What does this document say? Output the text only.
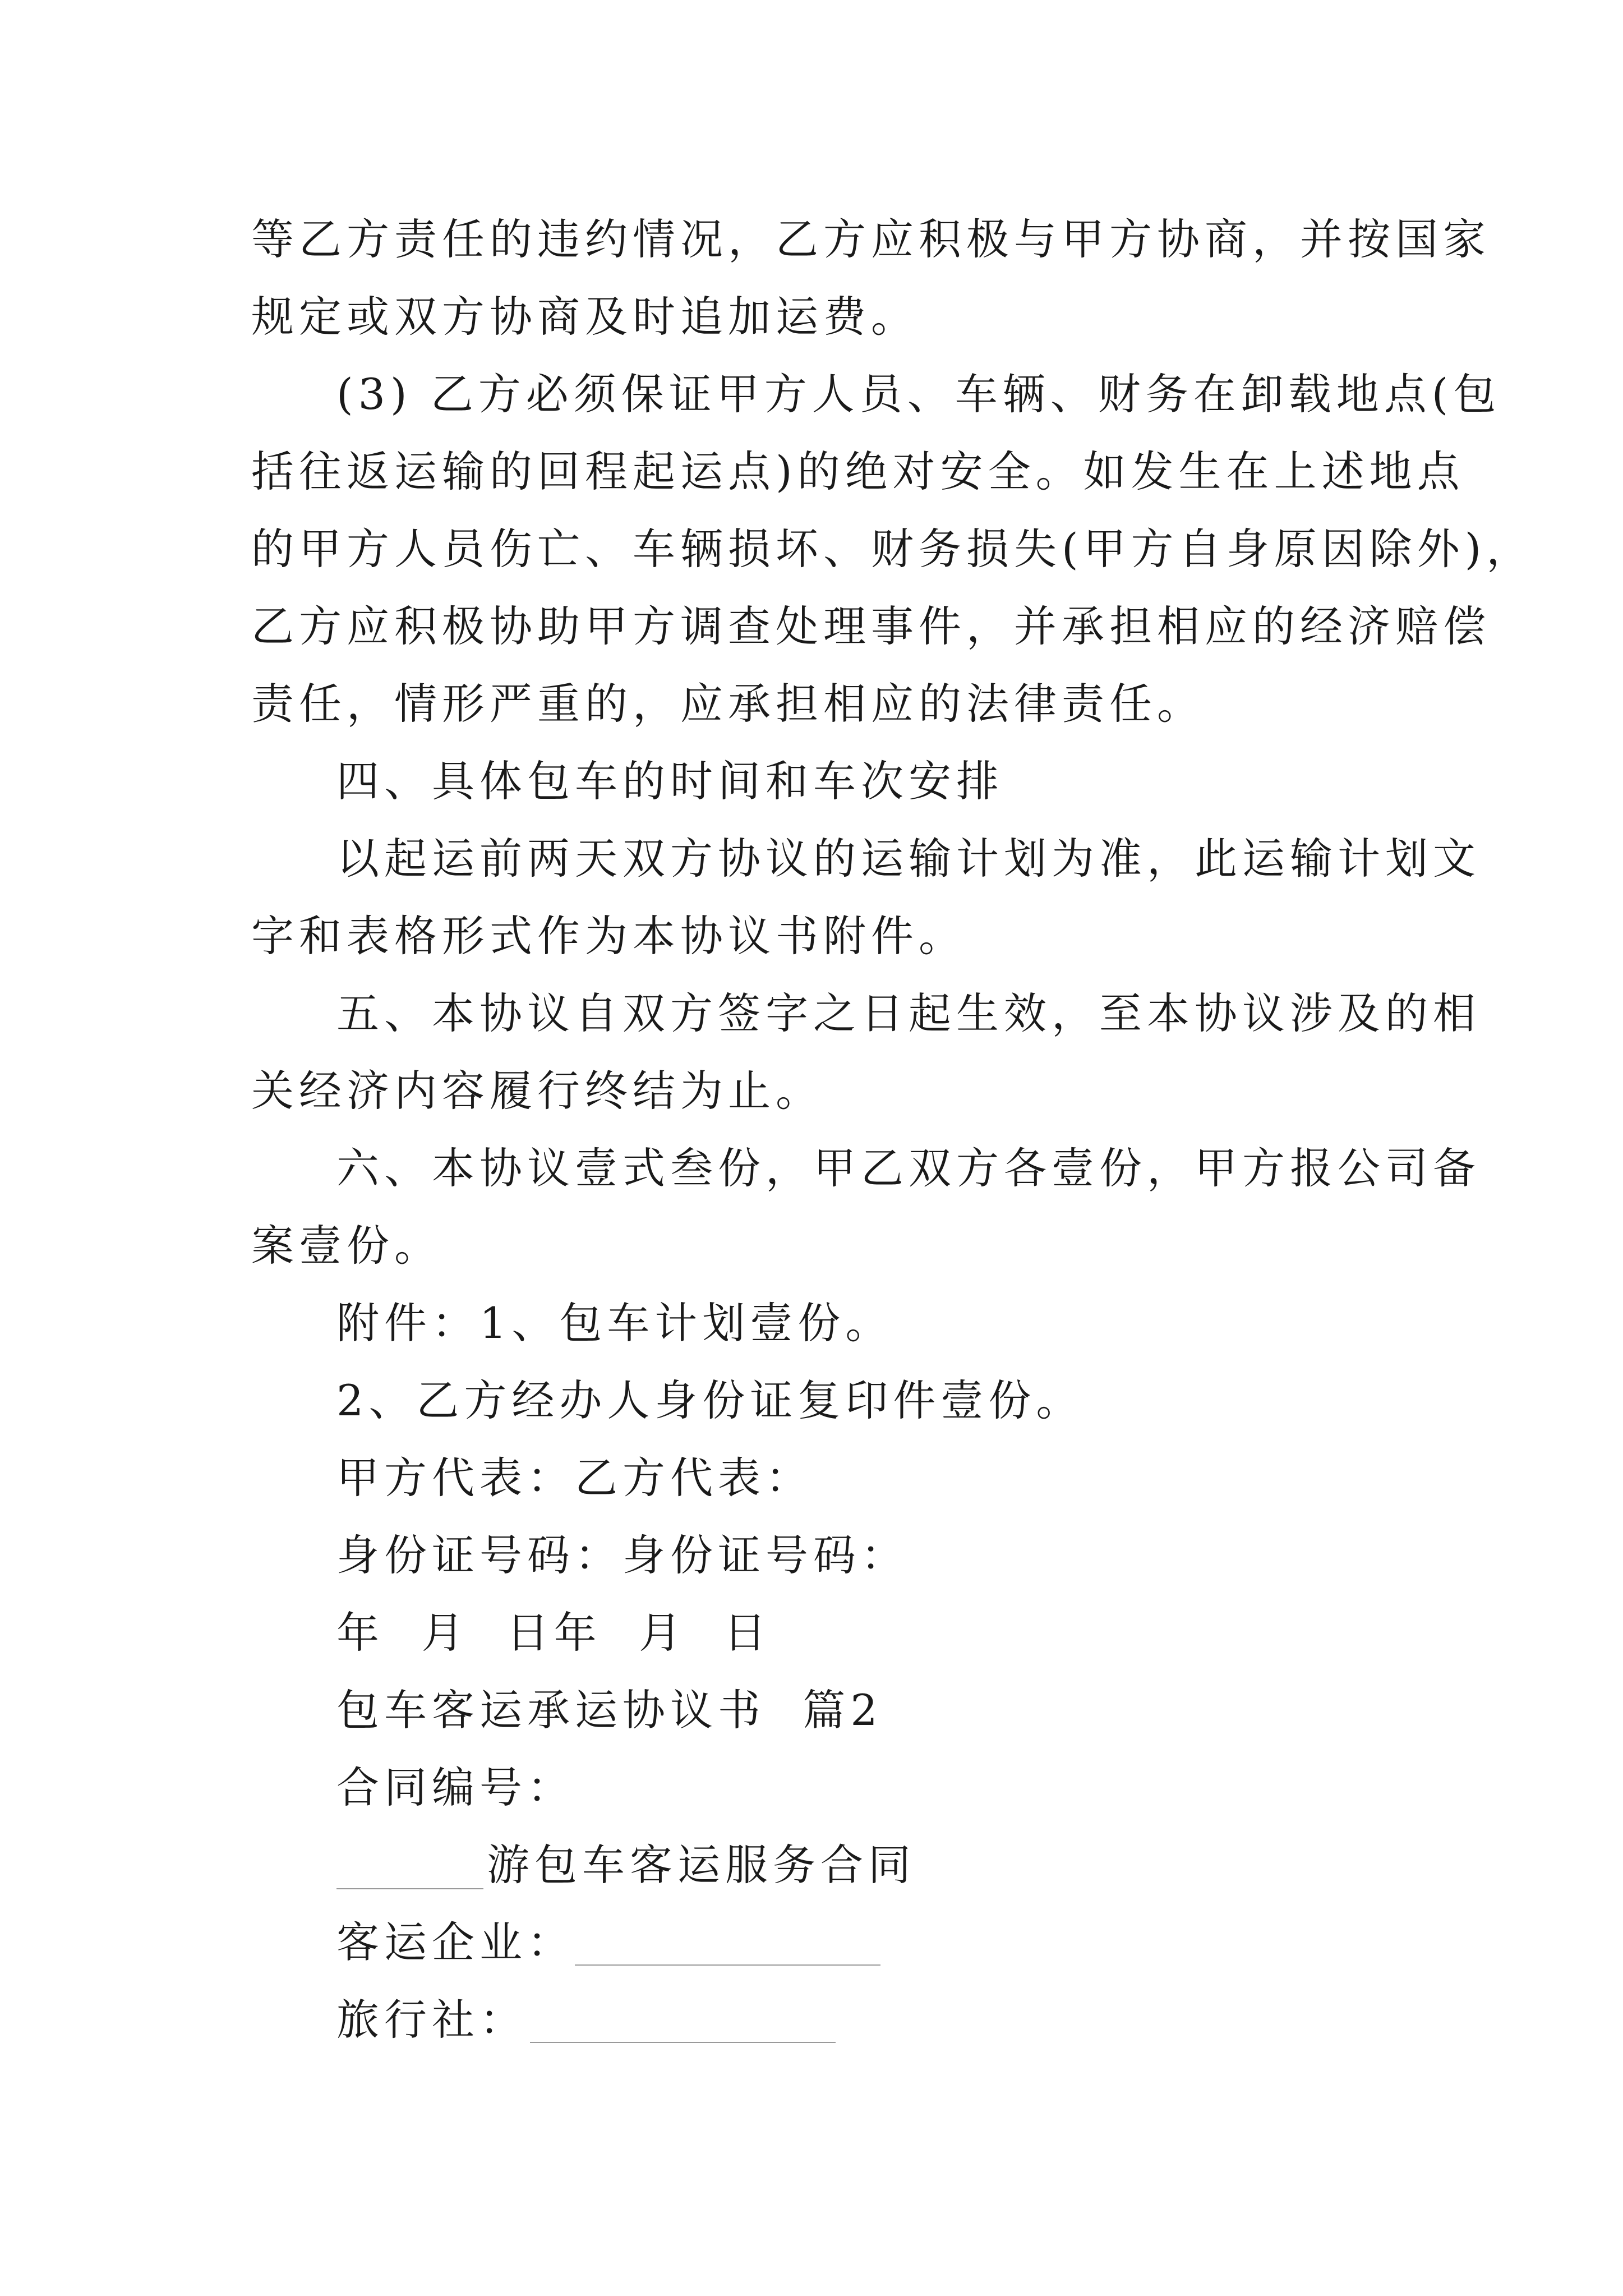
等乙方责任的违约情况，乙方应积极与甲方协商，并按国家
规定或双方协商及时追加运费。
(3) 乙方必须保证甲方人员、车辆、财务在卸载地点(包
括往返运输的回程起运点)的绝对安全。如发生在上述地点
的甲方人员伤亡、车辆损坏、财务损失(甲方自身原因除外)，
乙方应积极协助甲方调查处理事件，并承担相应的经济赔偿
责任，情形严重的，应承担相应的法律责任。
四、具体包车的时间和车次安排
以起运前两天双方协议的运输计划为准，此运输计划文
字和表格形式作为本协议书附件。
五、本协议自双方签字之日起生效，至本协议涉及的相
关经济内容履行终结为止。
六、本协议壹式叁份，甲乙双方各壹份，甲方报公司备
案壹份。
附件：1、包车计划壹份。
2、乙方经办人身份证复印件壹份。
甲方代表：乙方代表：
身份证号码：身份证号码：
年  月  日年  月  日
包车客运承运协议书  篇2
合同编号：
游包车客运服务合同
客运企业：
旅行社：
